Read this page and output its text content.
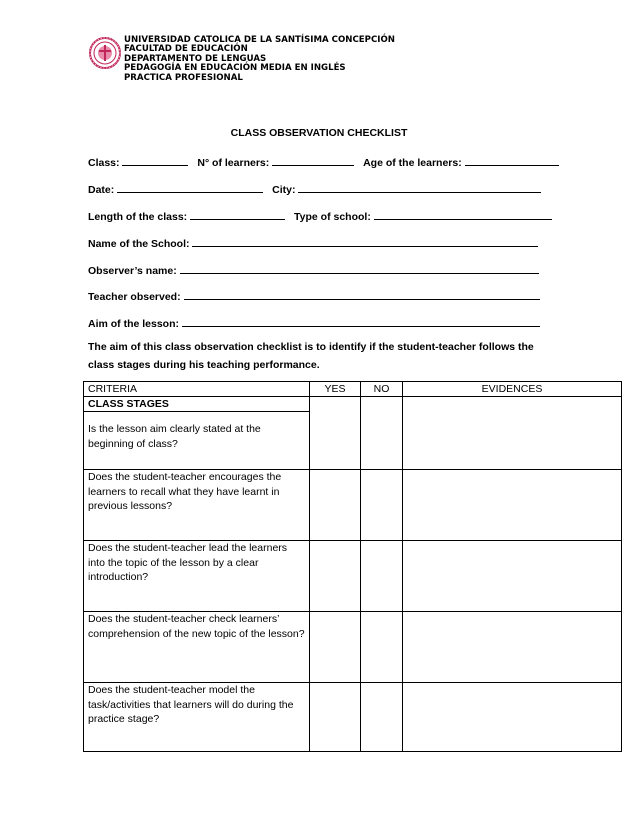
UNIVERSIDAD CATOLICA DE LA SANTÍSIMA CONCEPCIÓN
FACULTAD DE EDUCACIÓN
DEPARTAMENTO DE LENGUAS
PEDAGOGÍA EN EDUCACIÓN MEDIA EN INGLÉS
PRACTICA PROFESIONAL
CLASS OBSERVATION CHECKLIST
Class:	N° of learners:	Age of the learners:
Date:	City:
Length of the class:	Type of school:
Name of the School:
Observer’s name:
Teacher observed:
Aim of the lesson:
The aim of this class observation checklist is to identify if the student-teacher follows the class stages during his teaching performance.
CRITERIA	YES	NO	EVIDENCES

CLASS STAGES
Is the lesson aim clearly stated at the beginning of class?			

Does the student-teacher encourages the learners to recall what they have learnt in previous lessons?			
Does the student-teacher lead the learners into the topic of the lesson by a clear introduction?			
Does the student-teacher check learners’ comprehension of the new topic of the lesson?			
Does the student-teacher model the task/activities that learners will do during the practice stage?			
